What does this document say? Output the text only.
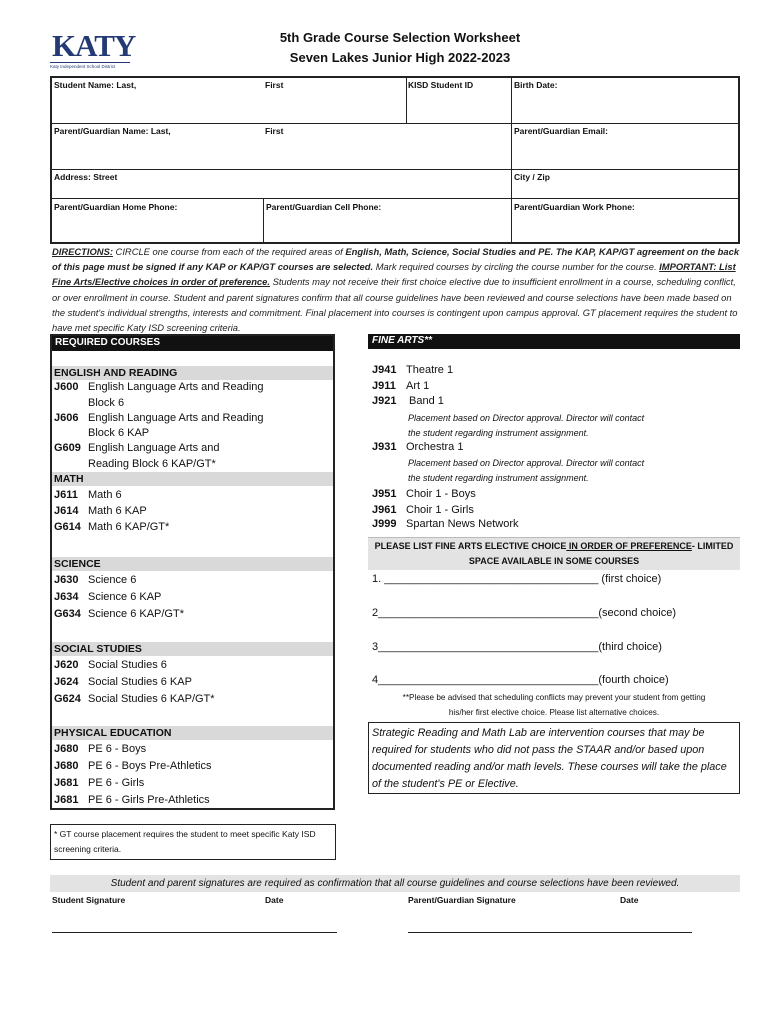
KATY
Katy Independent School District
5th Grade Course Selection Worksheet
Seven Lakes Junior High 2022-2023
Student Name: Last,	First	KISD Student ID	Birth Date:
Parent/Guardian Name: Last,	First	Parent/Guardian Email:
Address: Street	City / Zip
Parent/Guardian Home Phone:	Parent/Guardian Cell Phone:	Parent/Guardian Work Phone:
DIRECTIONS: CIRCLE one course from each of the required areas of English, Math, Science, Social Studies and PE. The KAP, KAP/GT agreement on the back of this page must be signed if any KAP or KAP/GT courses are selected. Mark required courses by circling the course number for the course. IMPORTANT: List Fine Arts/Elective choices in order of preference. Students may not receive their first choice elective due to insufficient enrollment in a course, scheduling conflict, or over enrollment in course. Student and parent signatures confirm that all course guidelines have been reviewed and course selections have been made based on the student's individual strengths, interests and commitment. Final placement into courses is contingent upon campus approval. GT placement requires the student to have met specific Katy ISD screening criteria.
REQUIRED COURSES
ENGLISH AND READING
J600 English Language Arts and Reading
Block 6
J606 English Language Arts and Reading
Block 6 KAP
G609 English Language Arts and
Reading Block 6 KAP/GT*
MATH
J611 Math 6
J614 Math 6 KAP
G614 Math 6 KAP/GT*
SCIENCE
J630 Science 6
J634 Science 6 KAP
G634 Science 6 KAP/GT*
SOCIAL STUDIES
J620 Social Studies 6
J624 Social Studies 6 KAP
G624 Social Studies 6 KAP/GT*
PHYSICAL EDUCATION
J680 PE 6 - Boys
J680 PE 6 - Boys Pre-Athletics
J681 PE 6 - Girls
J681 PE 6 - Girls Pre-Athletics
FINE ARTS**
J941 Theatre 1
J911 Art 1
J921 Band 1
Placement based on Director approval. Director will contact
the student regarding instrument assignment.
J931 Orchestra 1
Placement based on Director approval. Director will contact
the student regarding instrument assignment.
J951 Choir 1 - Boys
J961 Choir 1 - Girls
J999 Spartan News Network
PLEASE LIST FINE ARTS ELECTIVE CHOICE IN ORDER OF PREFERENCE- LIMITED
SPACE AVAILABLE IN SOME COURSES
1. ___________________________________ (first choice)
2____________________________________(second choice)
3____________________________________(third choice)
4____________________________________(fourth choice)
**Please be advised that scheduling conflicts may prevent your student from getting
his/her first elective choice. Please list alternative choices.
Strategic Reading and Math Lab are intervention courses that may be required for students who did not pass the STAAR and/or based upon documented reading and/or math levels. These courses will take the place of the student's PE or Elective.
* GT course placement requires the student to meet specific Katy ISD screening criteria.
Student and parent signatures are required as confirmation that all course guidelines and course selections have been reviewed.
Student Signature	Date	Parent/Guardian Signature	Date
